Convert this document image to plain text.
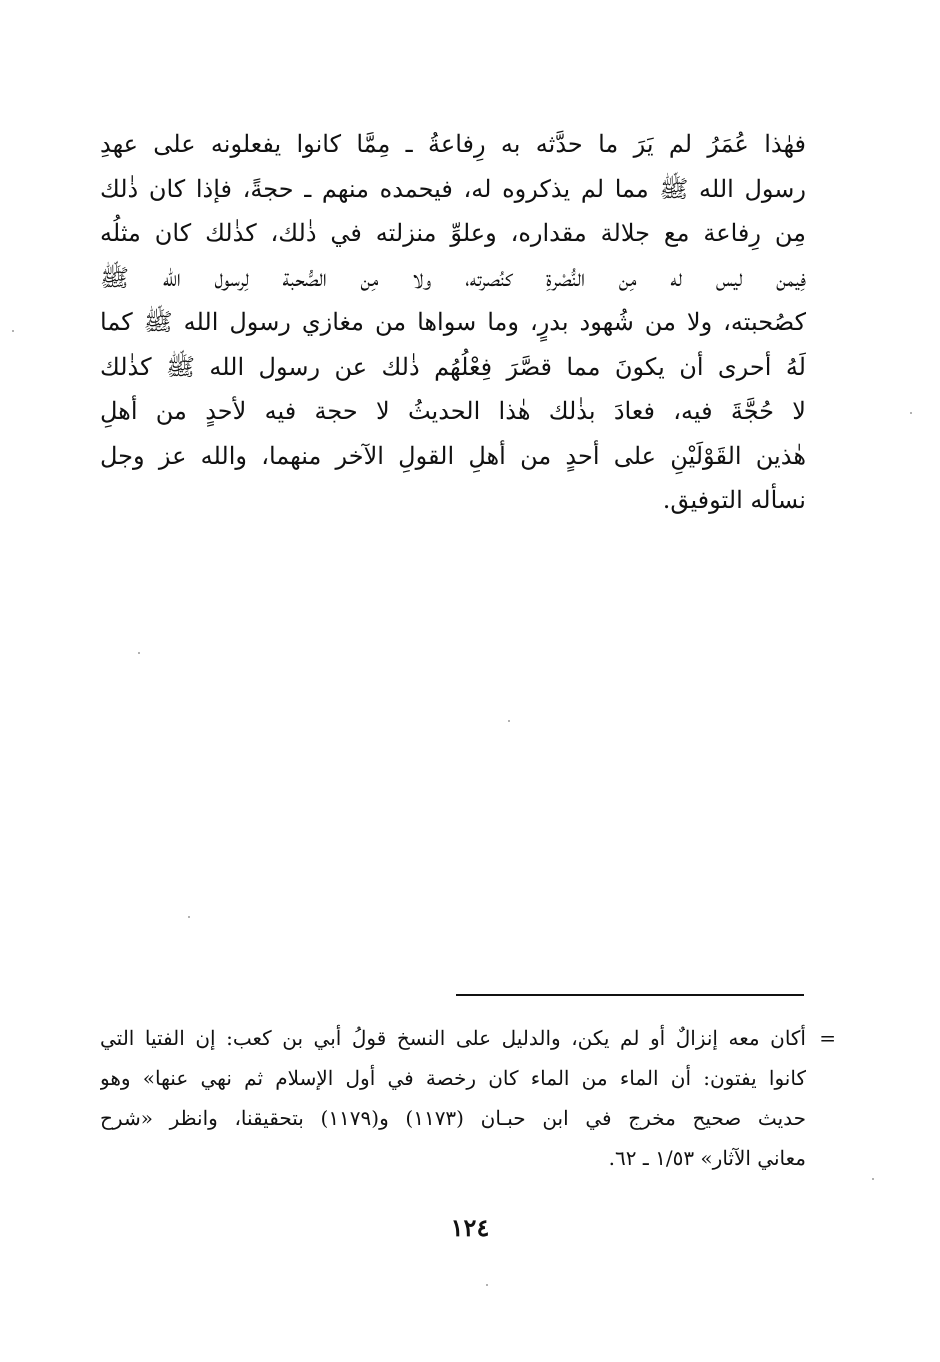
فهٰذا عُمَرُ لم يَرَ ما حدَّثه به رِفاعةُ ـ مِمَّا كانوا يفعلونه على عهدِ
رسول الله ﷺ مما لم يذكروه له، فيحمده منهم ـ حجةً، فإذا كان ذٰلك
مِن رِفاعة مع جلالة مقداره، وعلوِّ منزلته في ذٰلك، كذٰلك كان مثلُه
فِيمن ليس له مِن النُّصْرةِ كنُصرته، ولا مِن الصُّحبة لِرسول الله ﷺ
كصُحبته، ولا من شُهود بدرٍ، وما سواها من مغازي رسول الله ﷺ كما
لَهُ أحرى أن يكونَ مما قصَّرَ فِعْلُهُم ذٰلك عن رسول الله ﷺ كذٰلك
لا حُجَّةَ فيه، فعادَ بذٰلك هٰذا الحديثُ لا حجة فيه لأحدٍ من أهلِ
هٰذين القَوْلَيْنِ على أحدٍ من أهلِ القولِ الآخر منهما، والله عز وجل
نسأله التوفيق.
=
أكان معه إنزالٌ أو لم يكن، والدليل على النسخ قولُ أبي بن كعب: إن الفتيا التي
كانوا يفتون: أن الماء من الماء كان رخصة في أول الإسلام ثم نهي عنها» وهو
حديث صحيح مخرج في ابن حبـان (١١٧٣) و(١١٧٩) بتحقيقنا، وانظر «شرح
معاني الآثار» ١/٥٣ ـ ٦٢.
١٢٤
